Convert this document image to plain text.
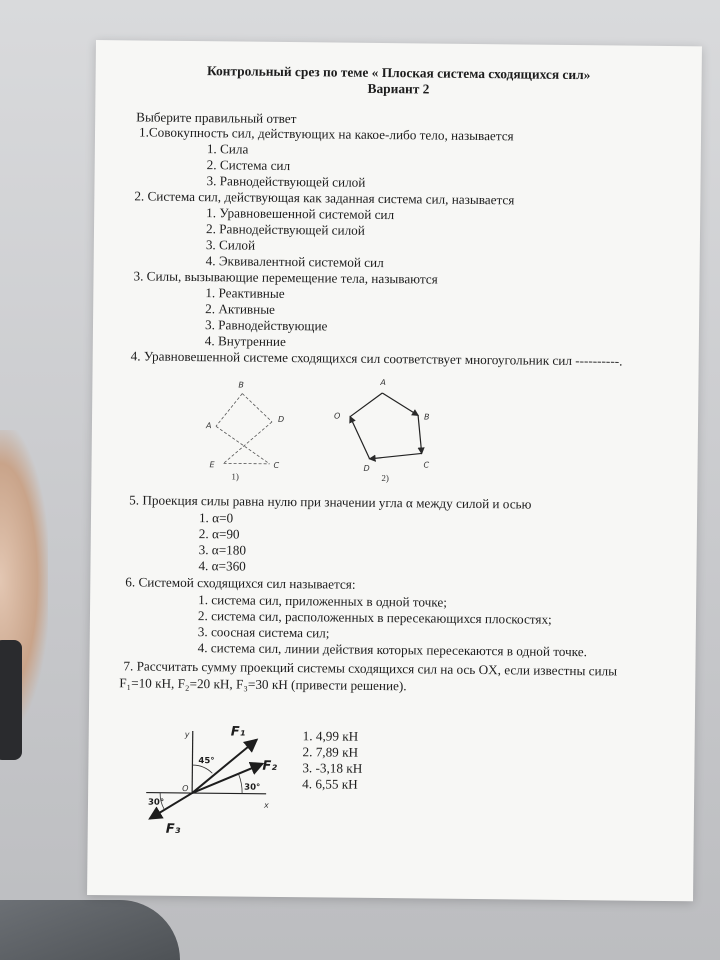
Контрольный срез по теме « Плоская система сходящихся сил»
Вариант 2
Выберите правильный ответ
1.Совокупность сил, действующих на какое-либо тело, называется
1. Сила
2. Система сил
3. Равнодействующей силой
2. Система сил, действующая как заданная система сил, называется
1. Уравновешенной системой сил
2. Равнодействующей силой
3. Силой
4. Эквивалентной системой сил
3. Силы, вызывающие перемещение тела, называются
1. Реактивные
2. Активные
3. Равнодействующие
4. Внутренние
4. Уравновешенной системе сходящихся сил соответствует многоугольник сил ----------.
B
A
D
E	C
1)
A
O	B
D	C
2)
5. Проекция силы равна нулю при значении угла α между силой и осью
1. α=0
2. α=90
3. α=180
4. α=360
6. Системой сходящихся сил называется:
1. система сил, приложенных в одной точке;
2. система сил, расположенных в пересекающихся плоскостях;
3. соосная система сил;
4. система сил, линии действия которых пересекаются в одной точке.
7. Рассчитать сумму проекций системы сходящихся сил на ось OX, если известны силы
F₁=10 кН, F₂=20 кН, F₃=30 кН (привести решение).
y
x
O
F₁
F₂
F₃
45°
30°
30°
1. 4,99 кН
2. 7,89 кН
3. -3,18 кН
4. 6,55 кН
